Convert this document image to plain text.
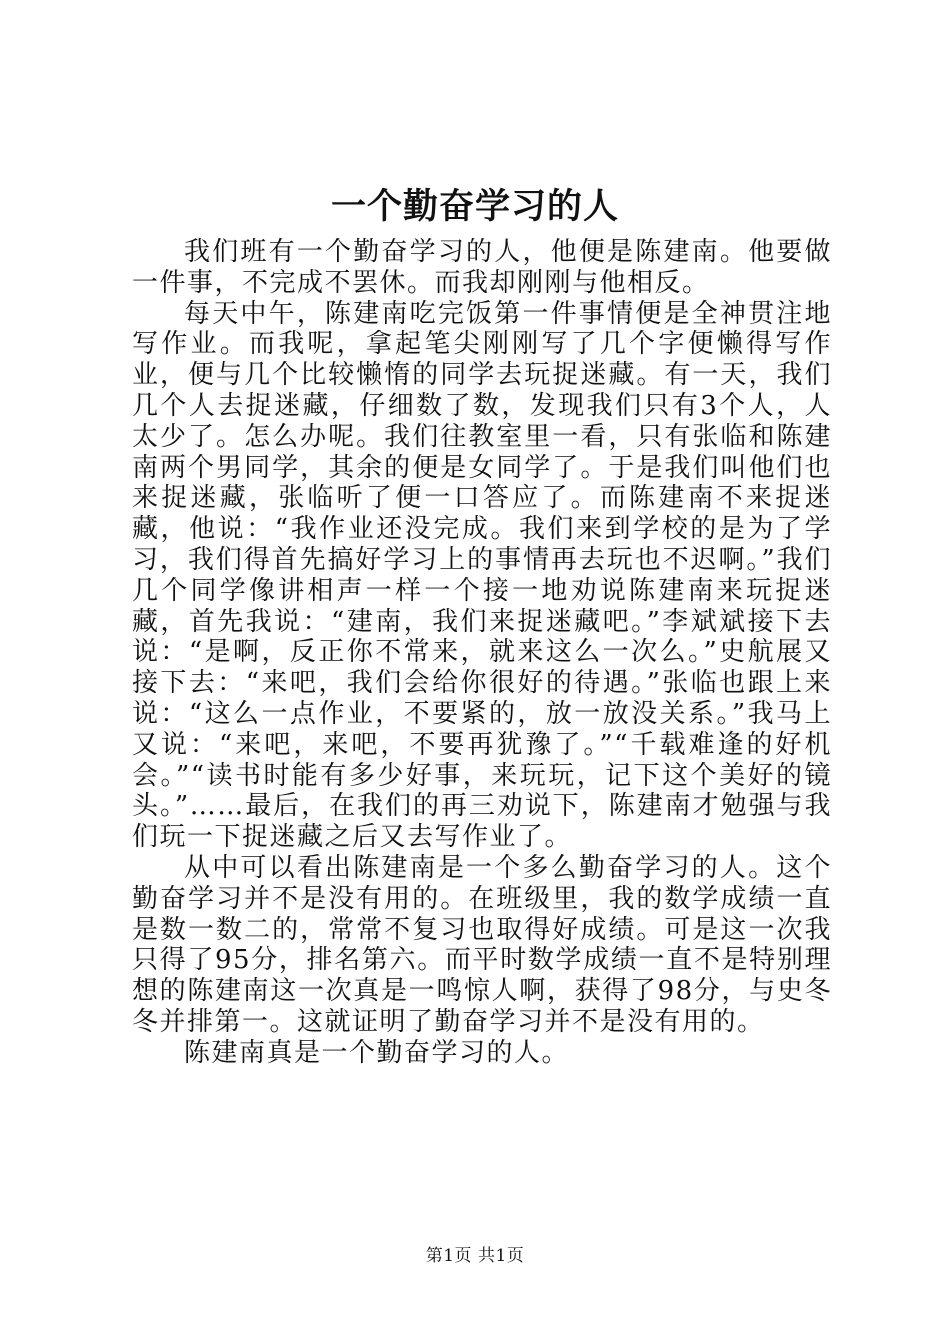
一个勤奋学习的人

我们班有一个勤奋学习的人，他便是陈建南。他要做一件事，不完成不罢休。而我却刚刚与他相反。

每天中午，陈建南吃完饭第一件事情便是全神贯注地写作业。而我呢，拿起笔尖刚刚写了几个字便懒得写作业，便与几个比较懒惰的同学去玩捉迷藏。有一天，我们几个人去捉迷藏，仔细数了数，发现我们只有3个人，人太少了。怎么办呢。我们往教室里一看，只有张临和陈建南两个男同学，其余的便是女同学了。于是我们叫他们也来捉迷藏，张临听了便一口答应了。而陈建南不来捉迷藏，他说：“我作业还没完成。我们来到学校的是为了学习，我们得首先搞好学习上的事情再去玩也不迟啊。”我们几个同学像讲相声一样一个接一地劝说陈建南来玩捉迷藏，首先我说：“建南，我们来捉迷藏吧。”李斌斌接下去说：“是啊，反正你不常来，就来这么一次么。”史航展又接下去：“来吧，我们会给你很好的待遇。”张临也跟上来说：“这么一点作业，不要紧的，放一放没关系。”我马上又说：“来吧，来吧，不要再犹豫了。”“千载难逢的好机会。”“读书时能有多少好事，来玩玩，记下这个美好的镜头。”……最后，在我们的再三劝说下，陈建南才勉强与我们玩一下捉迷藏之后又去写作业了。

从中可以看出陈建南是一个多么勤奋学习的人。这个勤奋学习并不是没有用的。在班级里，我的数学成绩一直是数一数二的，常常不复习也取得好成绩。可是这一次我只得了95分，排名第六。而平时数学成绩一直不是特别理想的陈建南这一次真是一鸣惊人啊，获得了98分，与史冬冬并排第一。这就证明了勤奋学习并不是没有用的。

陈建南真是一个勤奋学习的人。

第1页 共1页
